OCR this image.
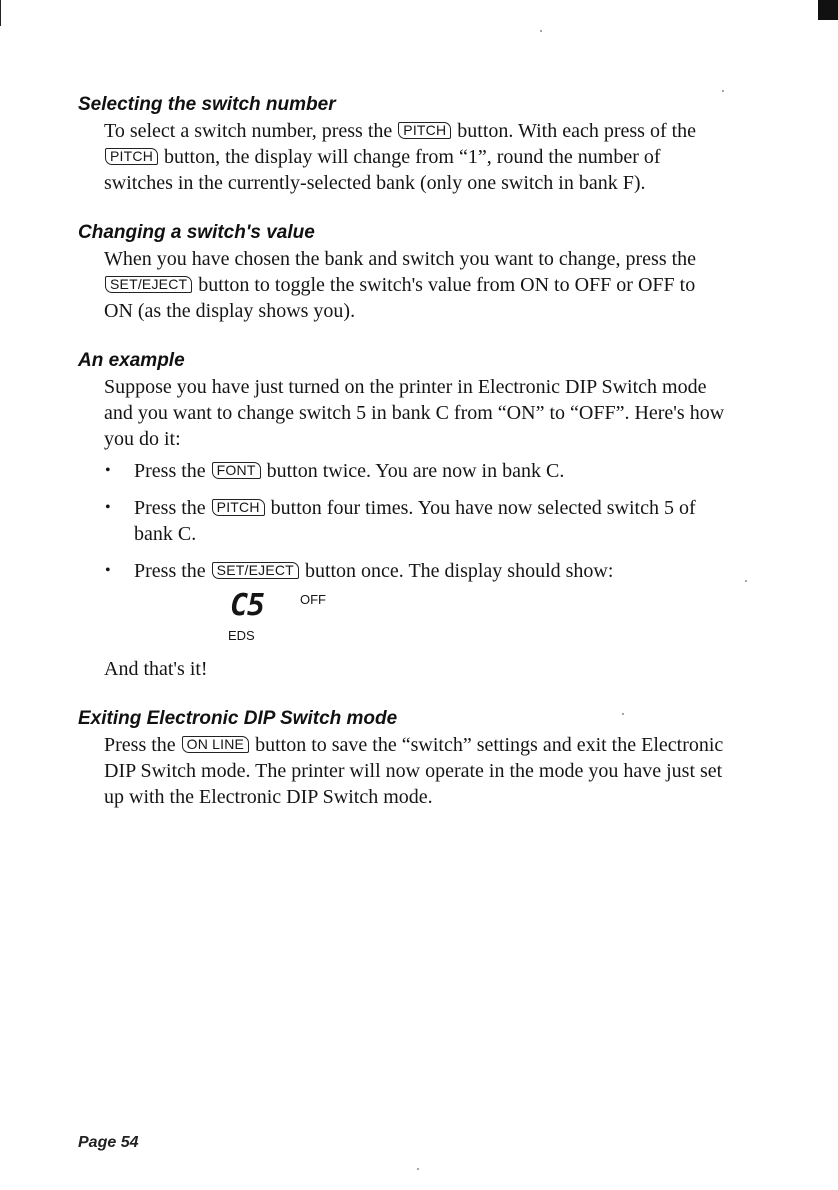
Selecting the switch number

To select a switch number, press the PITCH button. With each press of the PITCH button, the display will change from “1”, round the number of switches in the currently-selected bank (only one switch in bank F).

Changing a switch's value

When you have chosen the bank and switch you want to change, press the SET/EJECT button to toggle the switch's value from ON to OFF or OFF to ON (as the display shows you).

An example

Suppose you have just turned on the printer in Electronic DIP Switch mode and you want to change switch 5 in bank C from “ON” to “OFF”. Here's how you do it:

• Press the FONT button twice. You are now in bank C.
• Press the PITCH button four times. You have now selected switch 5 of bank C.
• Press the SET/EJECT button once. The display should show:
C5	OFF
EDS

And that's it!

Exiting Electronic DIP Switch mode

Press the ON LINE button to save the “switch” settings and exit the Electronic DIP Switch mode. The printer will now operate in the mode you have just set up with the Electronic DIP Switch mode.

Page 54
